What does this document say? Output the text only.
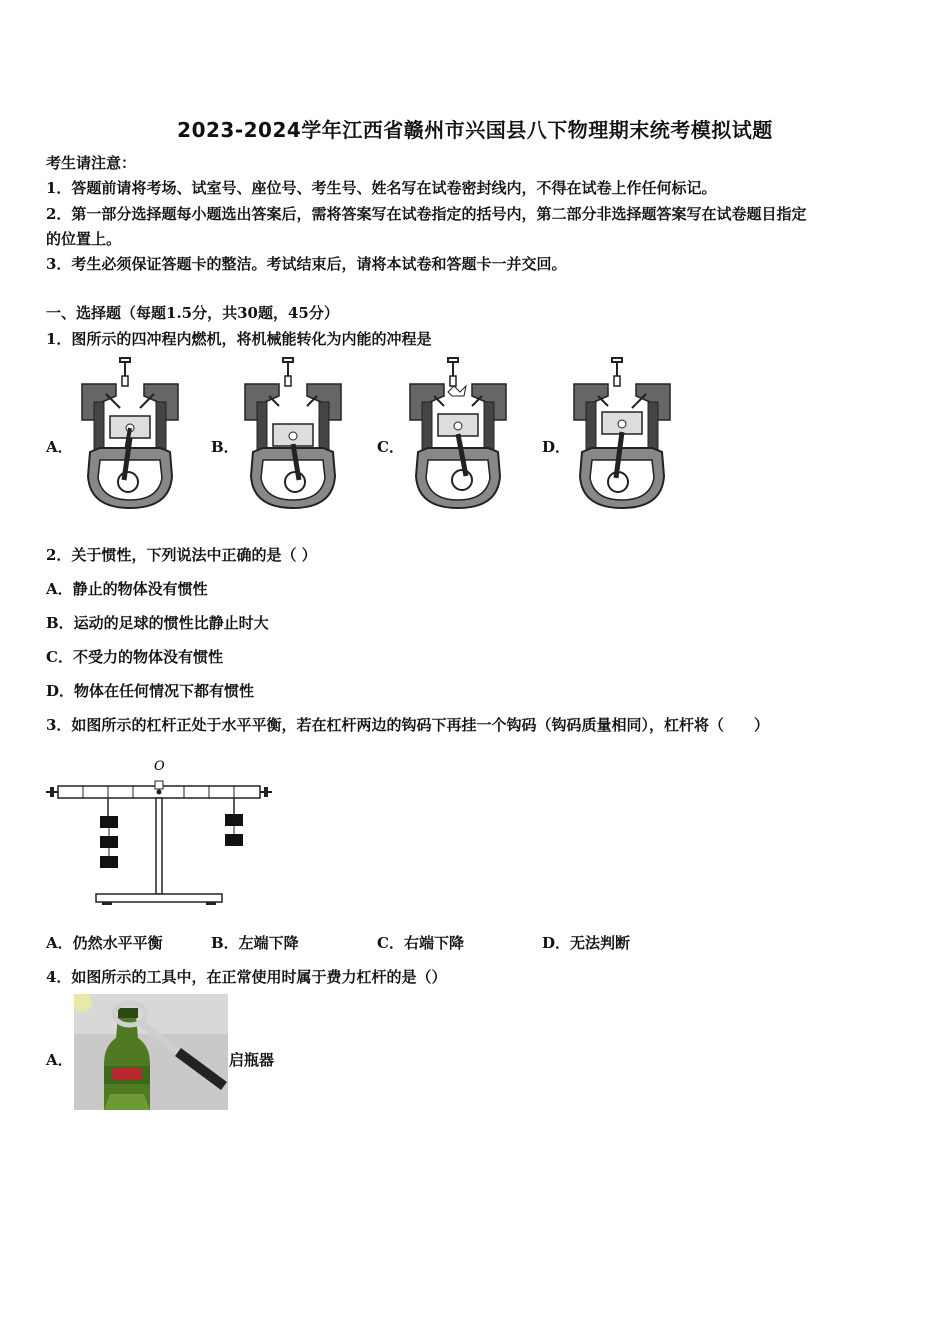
2023-2024学年江西省赣州市兴国县八下物理期末统考模拟试题
考生请注意：
1．答题前请将考场、试室号、座位号、考生号、姓名写在试卷密封线内，不得在试卷上作任何标记。
2．第一部分选择题每小题选出答案后，需将答案写在试卷指定的括号内，第二部分非选择题答案写在试卷题目指定
的位置上。
3．考生必须保证答题卡的整洁。考试结束后，请将本试卷和答题卡一并交回。
一、选择题（每题1.5分，共30题，45分）
1．图所示的四冲程内燃机，将机械能转化为内能的冲程是
A．	B．	C．	D．
2．关于惯性，下列说法中正确的是（ ）
A．静止的物体没有惯性
B．运动的足球的惯性比静止时大
C．不受力的物体没有惯性
D．物体在任何情况下都有惯性
3．如图所示的杠杆正处于水平平衡，若在杠杆两边的钩码下再挂一个钩码（钩码质量相同），杠杆将（　　）
O
A．仍然水平平衡	B．左端下降	C．右端下降	D．无法判断
4．如图所示的工具中，在正常使用时属于费力杠杆的是（）
A．	启瓶器
